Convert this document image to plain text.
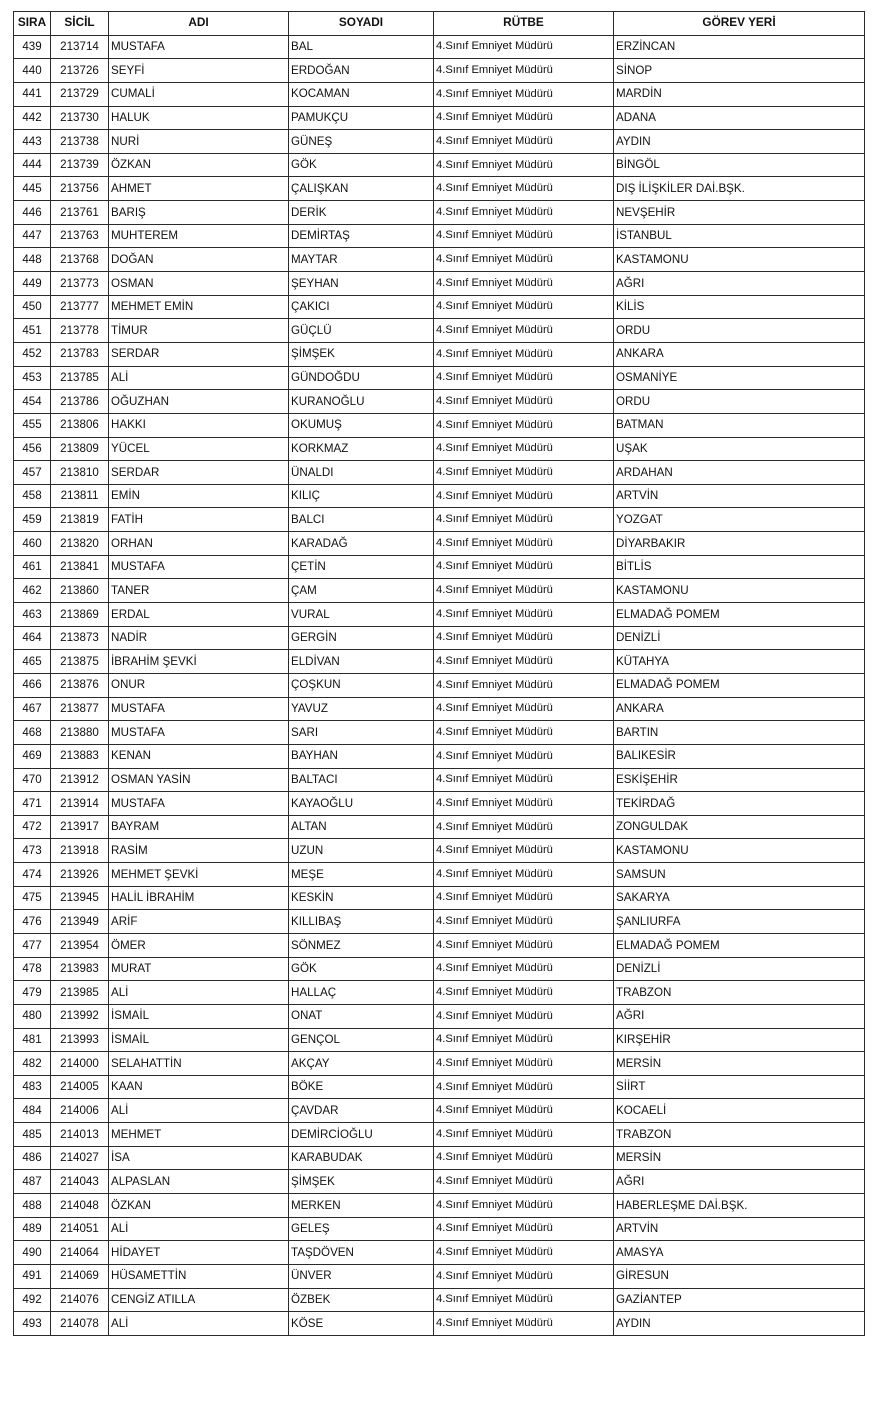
SIRA	SİCİL	ADI	SOYADI	RÜTBE	GÖREV YERİ
439	213714	MUSTAFA	BAL	4.Sınıf Emniyet Müdürü	ERZİNCAN
440	213726	SEYFİ	ERDOĞAN	4.Sınıf Emniyet Müdürü	SİNOP
441	213729	CUMALİ	KOCAMAN	4.Sınıf Emniyet Müdürü	MARDİN
442	213730	HALUK	PAMUKÇU	4.Sınıf Emniyet Müdürü	ADANA
443	213738	NURİ	GÜNEŞ	4.Sınıf Emniyet Müdürü	AYDIN
444	213739	ÖZKAN	GÖK	4.Sınıf Emniyet Müdürü	BİNGÖL
445	213756	AHMET	ÇALIŞKAN	4.Sınıf Emniyet Müdürü	DIŞ İLİŞKİLER DAİ.BŞK.
446	213761	BARIŞ	DERİK	4.Sınıf Emniyet Müdürü	NEVŞEHİR
447	213763	MUHTEREM	DEMİRTAŞ	4.Sınıf Emniyet Müdürü	İSTANBUL
448	213768	DOĞAN	MAYTAR	4.Sınıf Emniyet Müdürü	KASTAMONU
449	213773	OSMAN	ŞEYHAN	4.Sınıf Emniyet Müdürü	AĞRI
450	213777	MEHMET EMİN	ÇAKICI	4.Sınıf Emniyet Müdürü	KİLİS
451	213778	TİMUR	GÜÇLÜ	4.Sınıf Emniyet Müdürü	ORDU
452	213783	SERDAR	ŞİMŞEK	4.Sınıf Emniyet Müdürü	ANKARA
453	213785	ALİ	GÜNDOĞDU	4.Sınıf Emniyet Müdürü	OSMANİYE
454	213786	OĞUZHAN	KURANOĞLU	4.Sınıf Emniyet Müdürü	ORDU
455	213806	HAKKI	OKUMUŞ	4.Sınıf Emniyet Müdürü	BATMAN
456	213809	YÜCEL	KORKMAZ	4.Sınıf Emniyet Müdürü	UŞAK
457	213810	SERDAR	ÜNALDI	4.Sınıf Emniyet Müdürü	ARDAHAN
458	213811	EMİN	KILIÇ	4.Sınıf Emniyet Müdürü	ARTVİN
459	213819	FATİH	BALCI	4.Sınıf Emniyet Müdürü	YOZGAT
460	213820	ORHAN	KARADAĞ	4.Sınıf Emniyet Müdürü	DİYARBAKIR
461	213841	MUSTAFA	ÇETİN	4.Sınıf Emniyet Müdürü	BİTLİS
462	213860	TANER	ÇAM	4.Sınıf Emniyet Müdürü	KASTAMONU
463	213869	ERDAL	VURAL	4.Sınıf Emniyet Müdürü	ELMADAĞ POMEM
464	213873	NADİR	GERGİN	4.Sınıf Emniyet Müdürü	DENİZLİ
465	213875	İBRAHİM ŞEVKİ	ELDİVAN	4.Sınıf Emniyet Müdürü	KÜTAHYA
466	213876	ONUR	ÇOŞKUN	4.Sınıf Emniyet Müdürü	ELMADAĞ POMEM
467	213877	MUSTAFA	YAVUZ	4.Sınıf Emniyet Müdürü	ANKARA
468	213880	MUSTAFA	SARI	4.Sınıf Emniyet Müdürü	BARTIN
469	213883	KENAN	BAYHAN	4.Sınıf Emniyet Müdürü	BALIKESİR
470	213912	OSMAN YASİN	BALTACI	4.Sınıf Emniyet Müdürü	ESKİŞEHİR
471	213914	MUSTAFA	KAYAOĞLU	4.Sınıf Emniyet Müdürü	TEKİRDAĞ
472	213917	BAYRAM	ALTAN	4.Sınıf Emniyet Müdürü	ZONGULDAK
473	213918	RASİM	UZUN	4.Sınıf Emniyet Müdürü	KASTAMONU
474	213926	MEHMET ŞEVKİ	MEŞE	4.Sınıf Emniyet Müdürü	SAMSUN
475	213945	HALİL İBRAHİM	KESKİN	4.Sınıf Emniyet Müdürü	SAKARYA
476	213949	ARİF	KILLIBAŞ	4.Sınıf Emniyet Müdürü	ŞANLIURFA
477	213954	ÖMER	SÖNMEZ	4.Sınıf Emniyet Müdürü	ELMADAĞ POMEM
478	213983	MURAT	GÖK	4.Sınıf Emniyet Müdürü	DENİZLİ
479	213985	ALİ	HALLAÇ	4.Sınıf Emniyet Müdürü	TRABZON
480	213992	İSMAİL	ONAT	4.Sınıf Emniyet Müdürü	AĞRI
481	213993	İSMAİL	GENÇOL	4.Sınıf Emniyet Müdürü	KIRŞEHİR
482	214000	SELAHATTİN	AKÇAY	4.Sınıf Emniyet Müdürü	MERSİN
483	214005	KAAN	BÖKE	4.Sınıf Emniyet Müdürü	SİİRT
484	214006	ALİ	ÇAVDAR	4.Sınıf Emniyet Müdürü	KOCAELİ
485	214013	MEHMET	DEMİRCİOĞLU	4.Sınıf Emniyet Müdürü	TRABZON
486	214027	İSA	KARABUDAK	4.Sınıf Emniyet Müdürü	MERSİN
487	214043	ALPASLAN	ŞİMŞEK	4.Sınıf Emniyet Müdürü	AĞRI
488	214048	ÖZKAN	MERKEN	4.Sınıf Emniyet Müdürü	HABERLEŞME DAİ.BŞK.
489	214051	ALİ	GELEŞ	4.Sınıf Emniyet Müdürü	ARTVİN
490	214064	HİDAYET	TAŞDÖVEN	4.Sınıf Emniyet Müdürü	AMASYA
491	214069	HÜSAMETTİN	ÜNVER	4.Sınıf Emniyet Müdürü	GİRESUN
492	214076	CENGİZ ATILLA	ÖZBEK	4.Sınıf Emniyet Müdürü	GAZİANTEP
493	214078	ALİ	KÖSE	4.Sınıf Emniyet Müdürü	AYDIN
